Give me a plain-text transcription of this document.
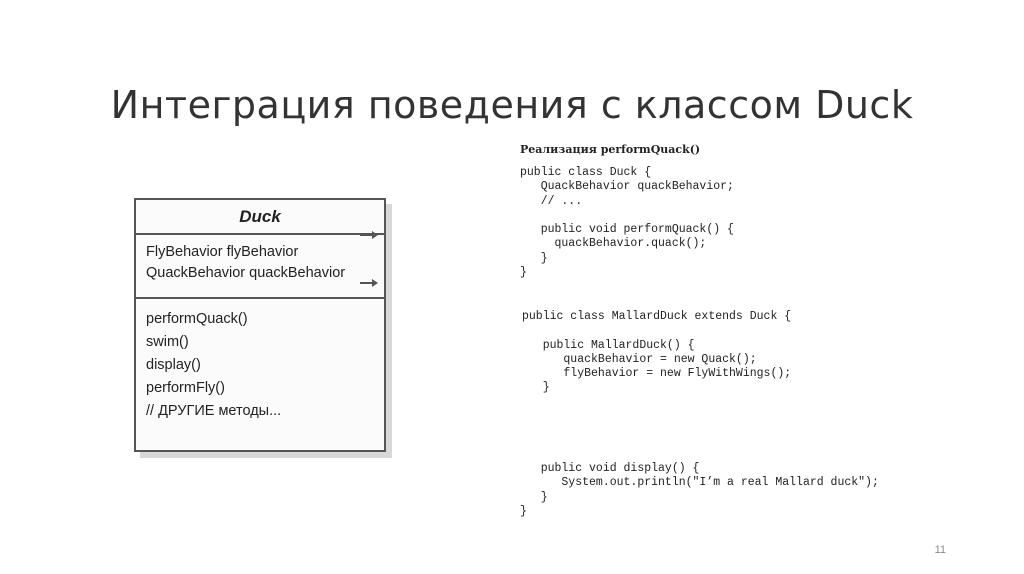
Интеграция поведения с классом Duck
Duck
FlyBehavior flyBehavior
QuackBehavior quackBehavior
performQuack()
swim()
display()
performFly()
// ДРУГИЕ методы...
Реализация performQuack()
public class Duck {
QuackBehavior quackBehavior;
// ...

public void performQuack() {
quackBehavior.quack();
}
}
public class MallardDuck extends Duck {

public MallardDuck() {
quackBehavior = new Quack();
flyBehavior = new FlyWithWings();
}
public void display() {
System.out.println("I’m a real Mallard duck");
}
}
11
